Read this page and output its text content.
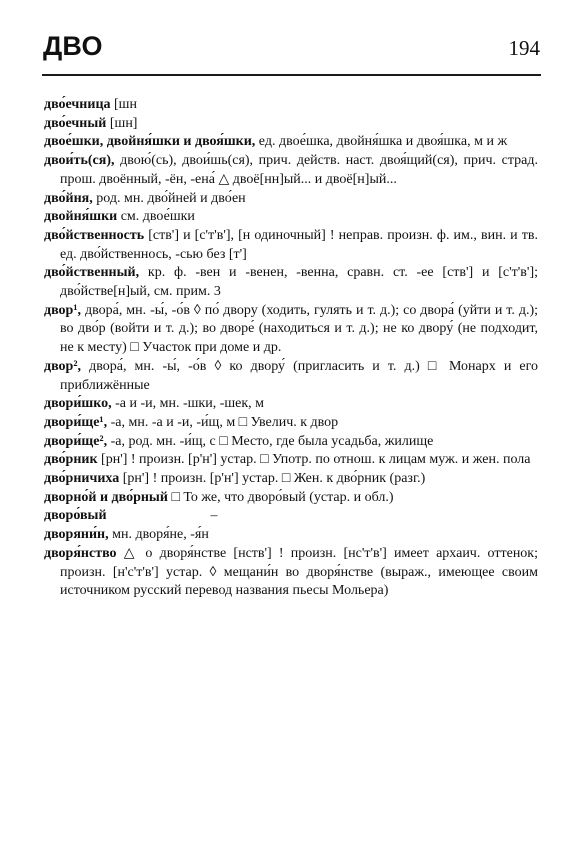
ДВО	194

дво́ечница [шн

дво́ечный [шн]

двое́шки, двойня́шки и двоя́шки, ед. двое́шка, двойня́шка и двоя́шка, м и ж

двои́ть(ся), двою́(сь), двои́шь(ся), прич. действ. наст. двоя́щий(ся), прич. страд. прош. двоённый, -ён, -ена́ △ двоё[нн]ый... и двоё[н]ый...

дво́йня, род. мн. дво́йней и дво́ен

двойня́шки см. двое́шки

дво́йственность [ств'] и [с'т'в'], [н одиночный] ! неправ. произн. ф. им., вин. и тв. ед. дво́йственнось, -сью без [т']

дво́йственный, кр. ф. -вен и -венен, -венна, сравн. ст. -ее [ств'] и [с'т'в']; дво́йстве[н]ый, см. прим. 3

двор¹, двора́, мн. -ы́, -о́в ◊ по́ двору (ходить, гулять и т. д.); со двора́ (уйти и т. д.); во дво́р (войти и т. д.); во дворе́ (находиться и т. д.); не ко двору́ (не подходит, не к месту) □ Участок при доме и др.

двор², двора́, мн. -ы́, -о́в ◊ ко двору́ (пригласить и т. д.) □ Монарх и его приближённые

двори́шко, -а и -и, мн. -шки, -шек, м

двори́ще¹, -а, мн. -а и -и, -и́щ, м □ Увелич. к двор

двори́ще², -а, род. мн. -и́щ, с □ Место, где была усадьба, жилище

дво́рник [рн'] ! произн. [р'н'] устар. □ Употр. по отнош. к лицам муж. и жен. пола

дво́рничиха [рн'] ! произн. [р'н'] устар. □ Жен. к дво́рник (разг.)

дворно́й и дво́рный □ То же, что дворо́вый (устар. и обл.)

дворо́вый	–

дворяни́н, мн. дворя́не, -я́н

дворя́нство △ о дворя́нстве [нств'] ! произн. [нс'т'в'] имеет архаич. оттенок; произн. [н'с'т'в'] устар. ◊ мещани́н во дворя́нстве (выраж., имеющее своим источником русский перевод названия пьесы Мольера)
